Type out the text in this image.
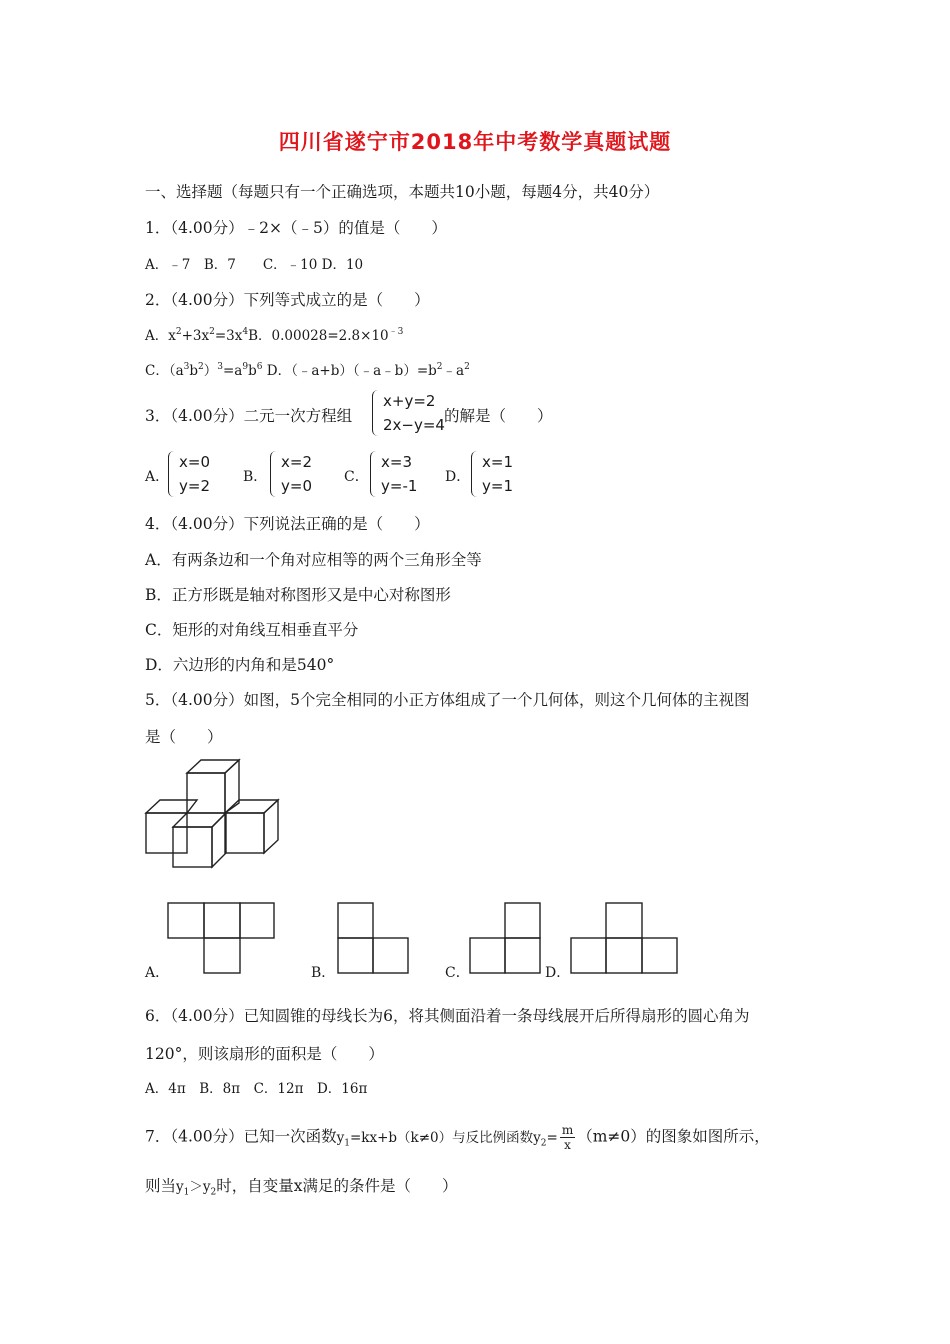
四川省遂宁市2018年中考数学真题试题
一、选择题（每题只有一个正确选项，本题共10小题，每题4分，共40分）
1．（4.00分）﹣2×（﹣5）的值是（　　）
A．﹣7　B．7　　C．﹣10 D．10
2．（4.00分）下列等式成立的是（　　）
A．$x^2+3x^2=3x^4B$．$0.00028=2.8\times 10^{﹣3}$
C．$(a^3b^2)^3=a^9b^6$ D．$(﹣a+b)(﹣a﹣b)=b^2﹣a^2$
3．（4.00分）二元一次方程组
x+y=2
2x−y=4 的解是（　　）
A．
x=0
y=2 B．
x=2
y=0 C．
x=3
y=-1 D．
x=1
y=1
4．（4.00分）下列说法正确的是（　　）
A．有两条边和一个角对应相等的两个三角形全等
B．正方形既是轴对称图形又是中心对称图形
C．矩形的对角线互相垂直平分
D．六边形的内角和是540°
5．（4.00分）如图，5个完全相同的小正方体组成了一个几何体，则这个几何体的主视图
是（　　）
A．	B．	C．	D．
6．（4.00分）已知圆锥的母线长为6，将其侧面沿着一条母线展开后所得扇形的圆心角为
120°，则该扇形的面积是（　　）
A．4π　B．8π　C．12π　D．16π
7．（4.00分）已知一次函数$y_1=kx+b(k\ne 0)$与反比例函数$y_2= \frac{m}{x} (m\ne 0)$的图象如图所示，
则当$y_1>y_2$时，自变量x满足的条件是（　　）
